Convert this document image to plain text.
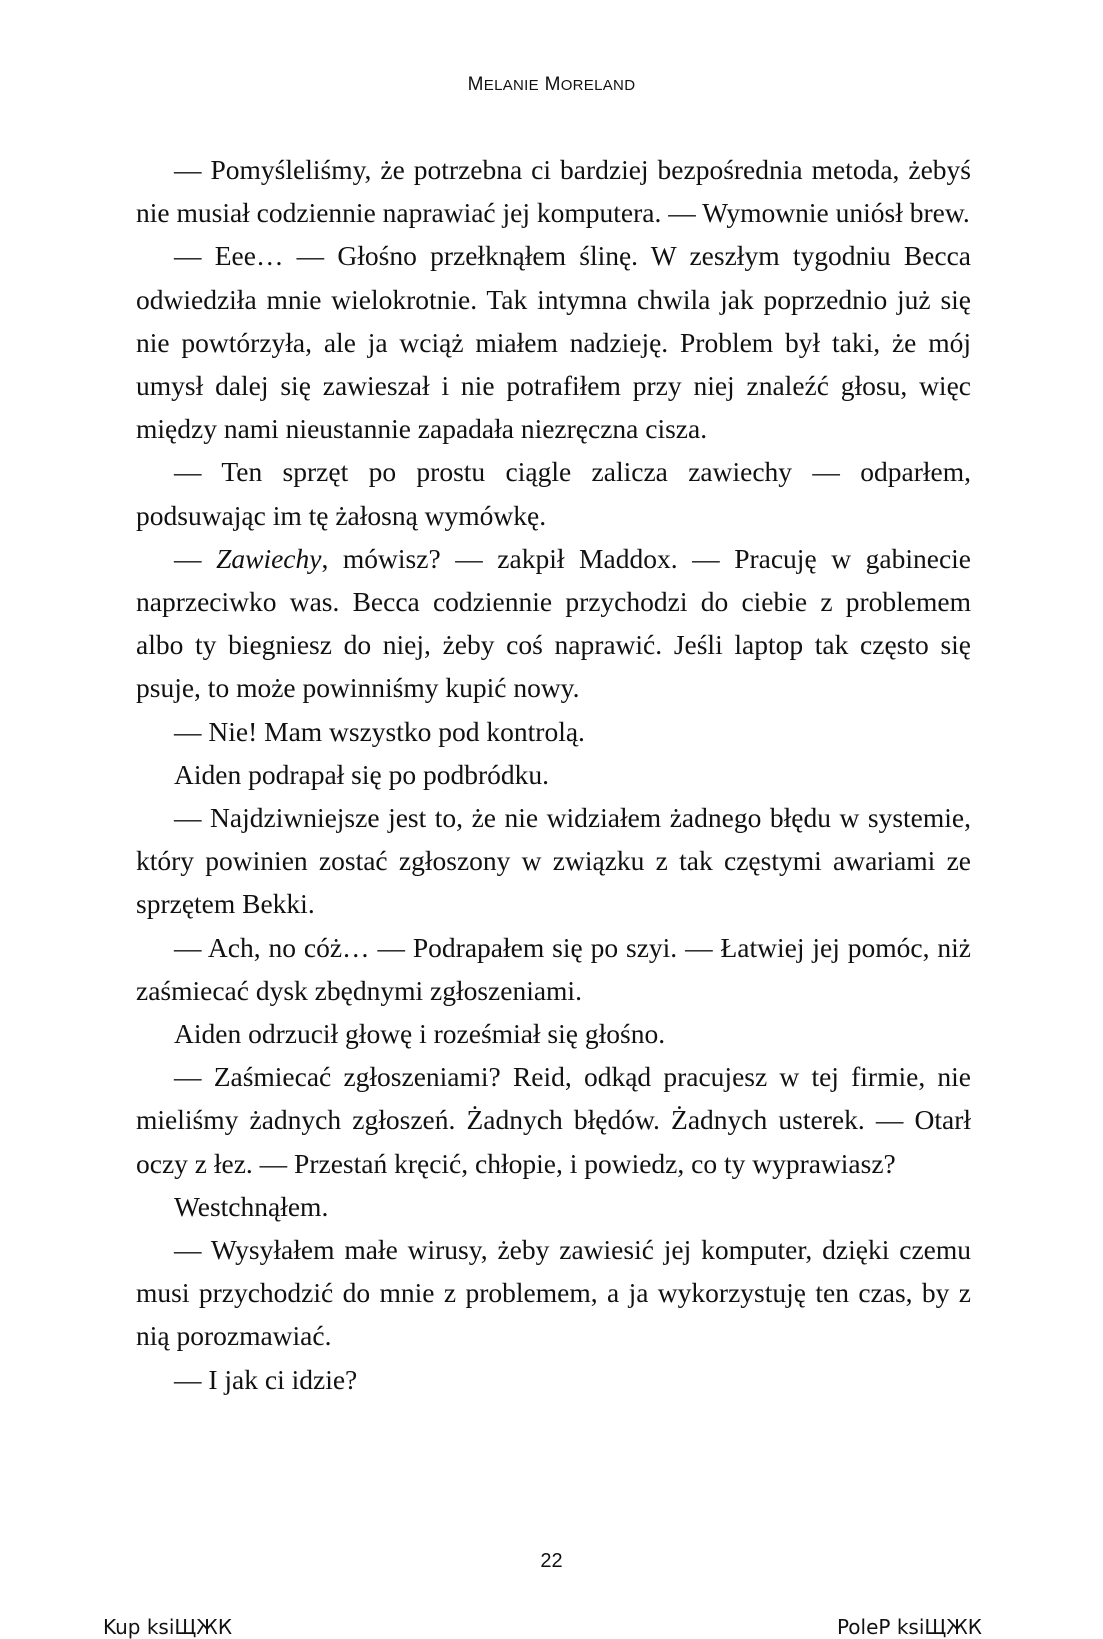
MELANIE MORELAND

— Pomyśleliśmy, że potrzebna ci bardziej bezpośrednia metoda, żebyś nie musiał codziennie naprawiać jej komputera. — Wymownie uniósł brew.

— Eee… — Głośno przełknąłem ślinę. W zeszłym tygodniu Becca odwiedziła mnie wielokrotnie. Tak intymna chwila jak poprzednio już się nie powtórzyła, ale ja wciąż miałem nadzieję. Problem był taki, że mój umysł dalej się zawieszał i nie potrafiłem przy niej znaleźć głosu, więc między nami nieustannie zapadała niezręczna cisza.

— Ten sprzęt po prostu ciągle zalicza zawiechy — odparłem, podsuwając im tę żałosną wymówkę.

— Zawiechy, mówisz? — zakpił Maddox. — Pracuję w gabinecie naprzeciwko was. Becca codziennie przychodzi do ciebie z problemem albo ty biegniesz do niej, żeby coś naprawić. Jeśli laptop tak często się psuje, to może powinniśmy kupić nowy.

— Nie! Mam wszystko pod kontrolą.

Aiden podrapał się po podbródku.

— Najdziwniejsze jest to, że nie widziałem żadnego błędu w systemie, który powinien zostać zgłoszony w związku z tak częstymi awariami ze sprzętem Bekki.

— Ach, no cóż… — Podrapałem się po szyi. — Łatwiej jej pomóc, niż zaśmiecać dysk zbędnymi zgłoszeniami.

Aiden odrzucił głowę i roześmiał się głośno.

— Zaśmiecać zgłoszeniami? Reid, odkąd pracujesz w tej firmie, nie mieliśmy żadnych zgłoszeń. Żadnych błędów. Żadnych usterek. — Otarł oczy z łez. — Przestań kręcić, chłopie, i powiedz, co ty wyprawiasz?

Westchnąłem.

— Wysyłałem małe wirusy, żeby zawiesić jej komputer, dzięki czemu musi przychodzić do mnie z problemem, a ja wykorzystuję ten czas, by z nią porozmawiać.

— I jak ci idzie?

22
Kup ksiЩЖК	PoleР ksiЩЖК
